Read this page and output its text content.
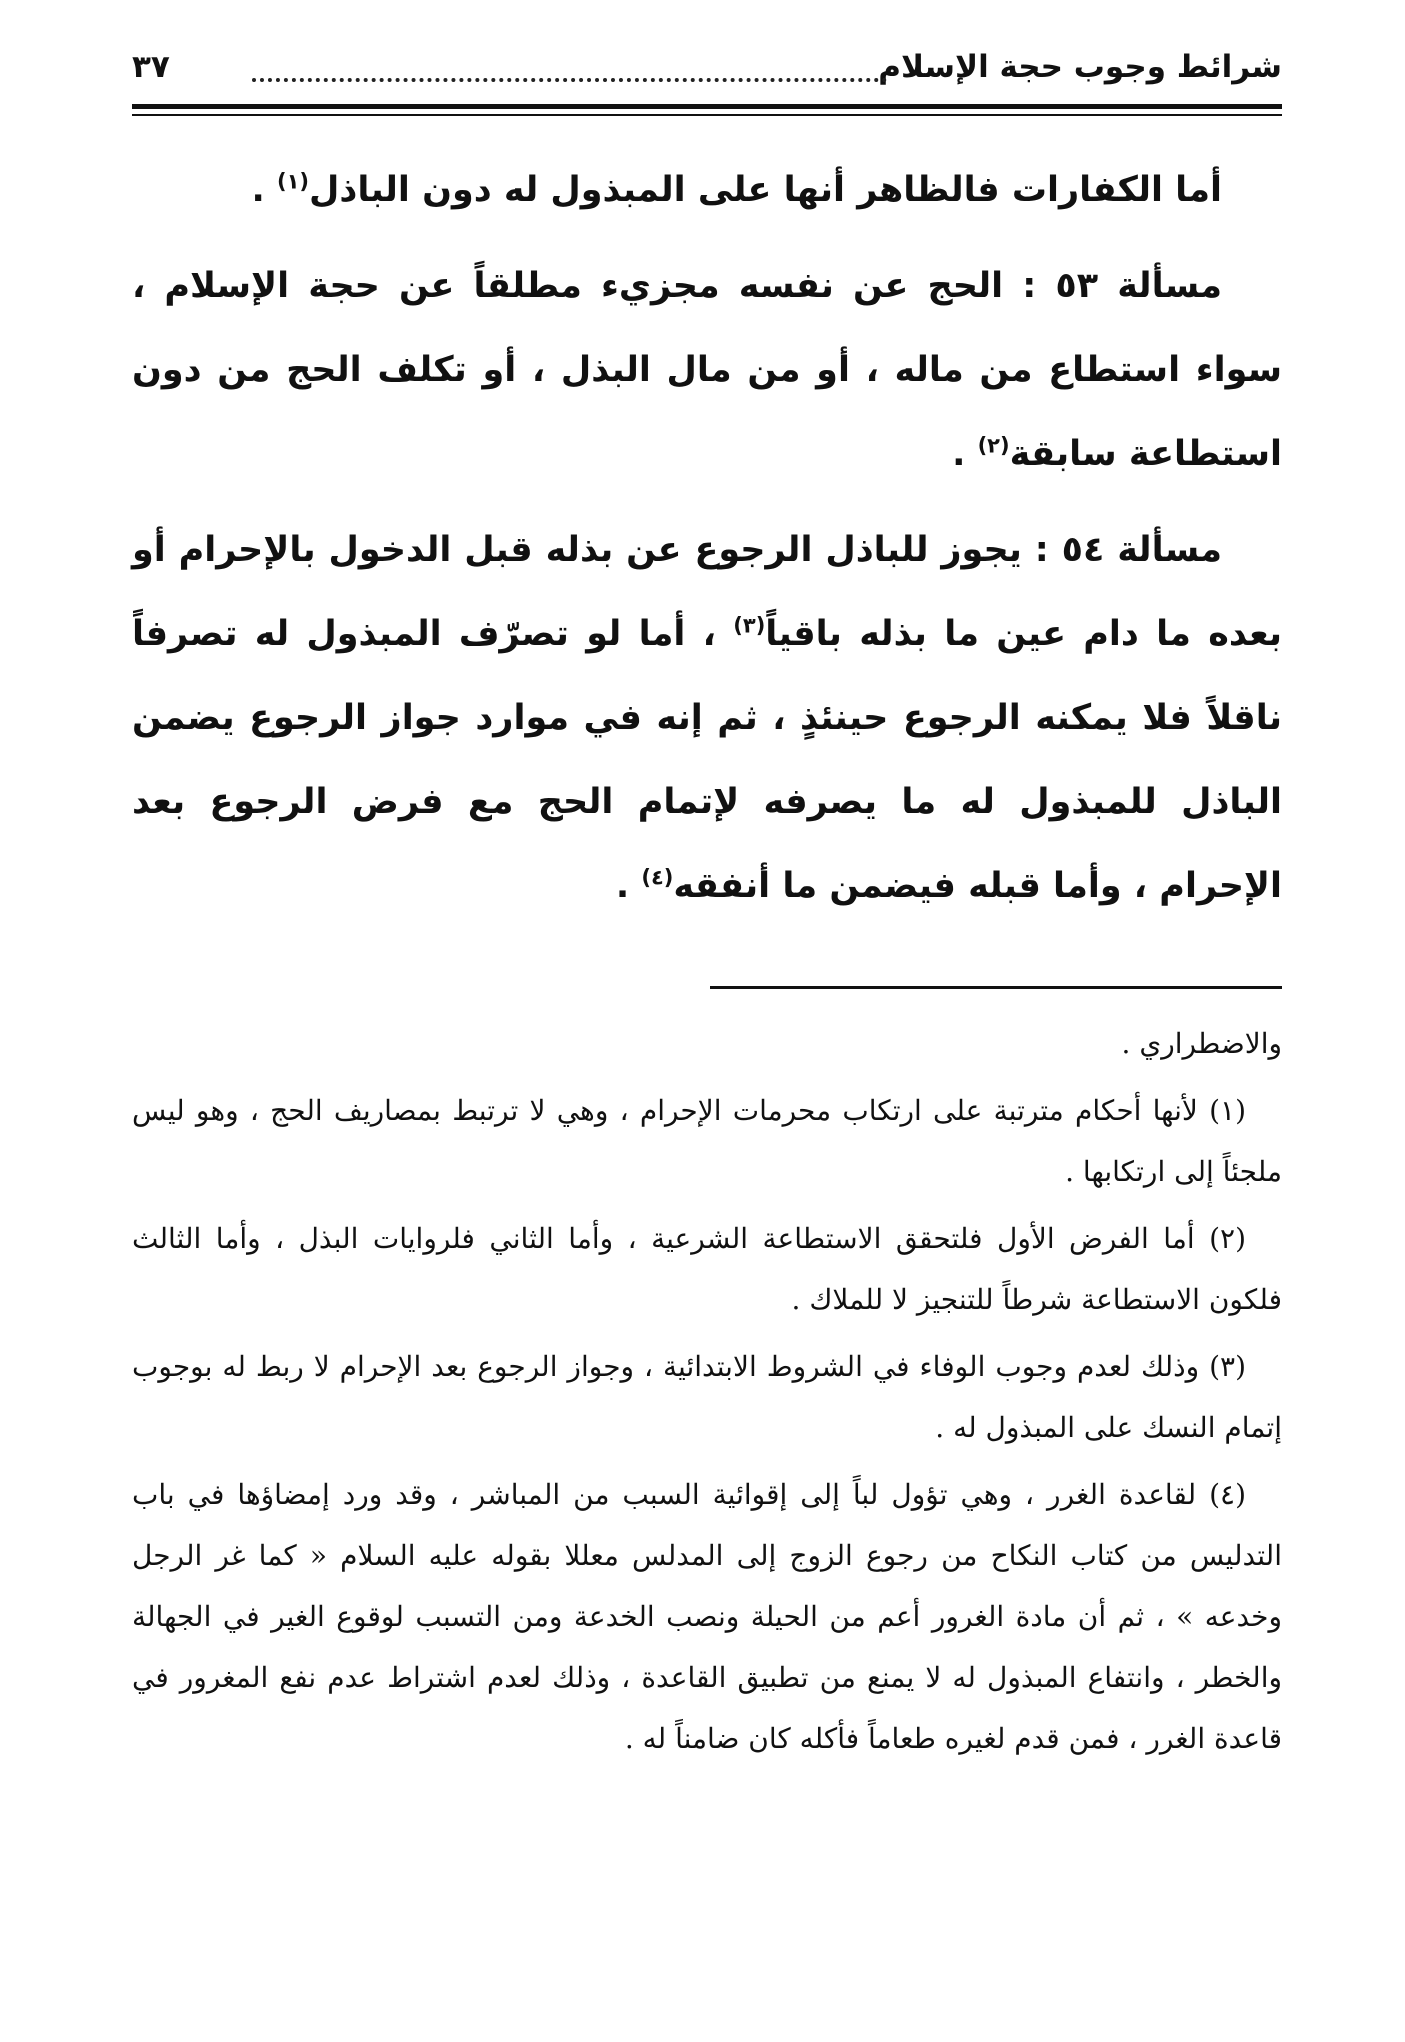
شرائط وجوب حجة الإسلام
٣٧

أما الكفارات فالظاهر أنها على المبذول له دون الباذل$^{(١)}$ .

مسألة ٥٣ : الحج عن نفسه مجزيء مطلقاً عن حجة الإسلام ، سواء استطاع من ماله ، أو من مال البذل ، أو تكلف الحج من دون استطاعة سابقة$^{(٢)}$ .

مسألة ٥٤ : يجوز للباذل الرجوع عن بذله قبل الدخول بالإحرام أو بعده ما دام عين ما بذله باقياً$^{(٣)}$ ، أما لو تصرّف المبذول له تصرفاً ناقلاً فلا يمكنه الرجوع حينئذٍ ، ثم إنه في موارد جواز الرجوع يضمن الباذل للمبذول له ما يصرفه لإتمام الحج مع فرض الرجوع بعد الإحرام ، وأما قبله فيضمن ما أنفقه$^{(٤)}$ .

والاضطراري .

(١) لأنها أحكام مترتبة على ارتكاب محرمات الإحرام ، وهي لا ترتبط بمصاريف الحج ، وهو ليس ملجئاً إلى ارتكابها .

(٢) أما الفرض الأول فلتحقق الاستطاعة الشرعية ، وأما الثاني فلروايات البذل ، وأما الثالث فلكون الاستطاعة شرطاً للتنجيز لا للملاك .

(٣) وذلك لعدم وجوب الوفاء في الشروط الابتدائية ، وجواز الرجوع بعد الإحرام لا ربط له بوجوب إتمام النسك على المبذول له .

(٤) لقاعدة الغرر ، وهي تؤول لباً إلى إقوائية السبب من المباشر ، وقد ورد إمضاؤها في باب التدليس من كتاب النكاح من رجوع الزوج إلى المدلس معللا بقوله عليه السلام « كما غر الرجل وخدعه » ، ثم أن مادة الغرور أعم من الحيلة ونصب الخدعة ومن التسبب لوقوع الغير في الجهالة والخطر ، وانتفاع المبذول له لا يمنع من تطبيق القاعدة ، وذلك لعدم اشتراط عدم نفع المغرور في قاعدة الغرر ، فمن قدم لغيره طعاماً فأكله كان ضامناً له .
